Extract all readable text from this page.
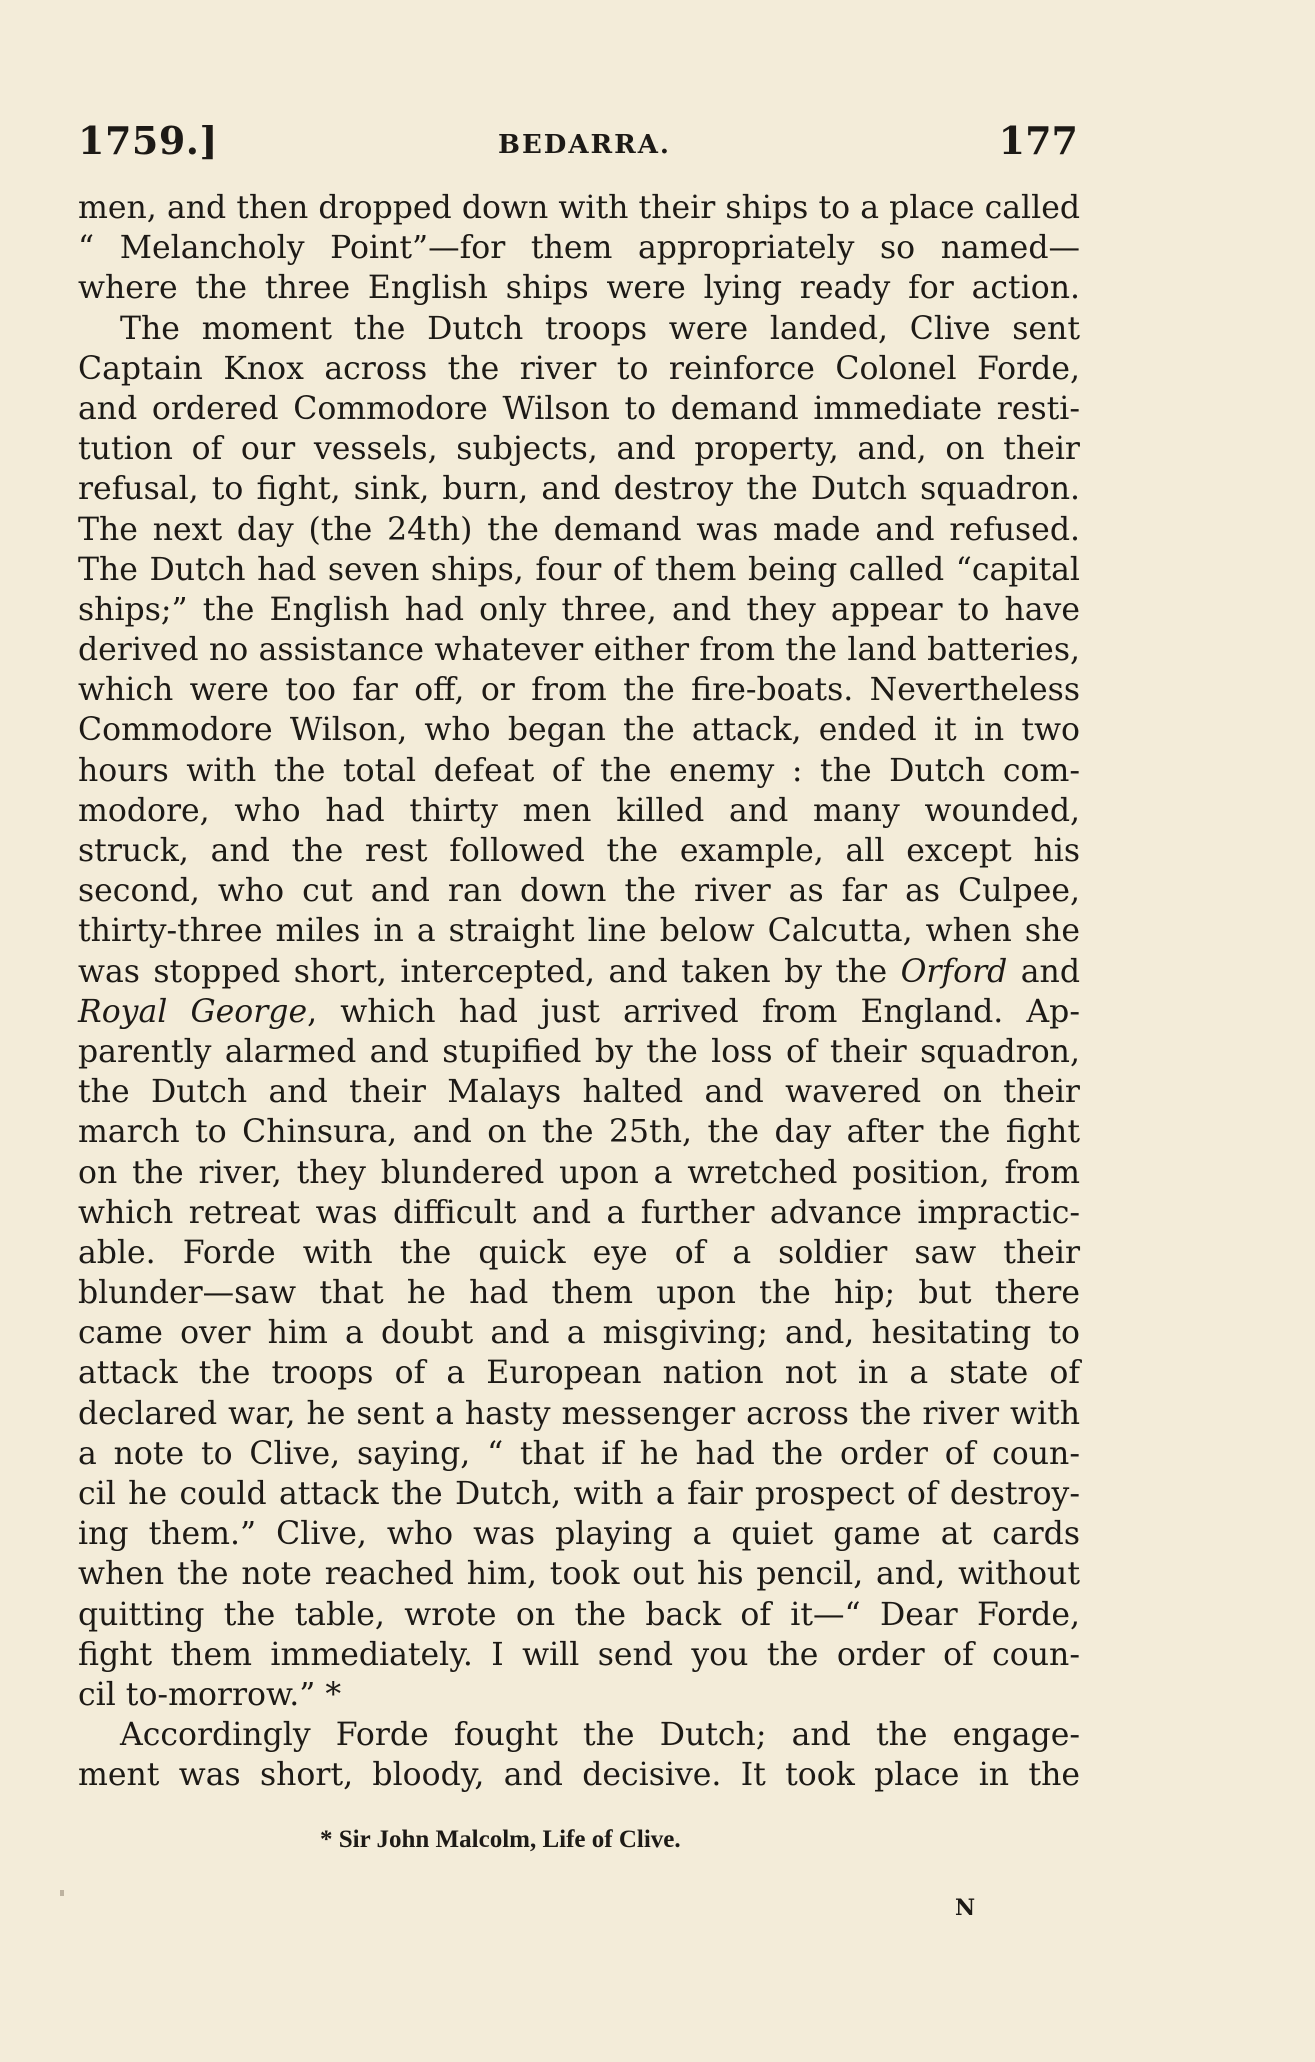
1759.]	BEDARRA.	177
men, and then dropped down with their ships to a place called
“ Melancholy Point”—for them appropriately so named—
where the three English ships were lying ready for action.
The moment the Dutch troops were landed, Clive sent
Captain Knox across the river to reinforce Colonel Forde,
and ordered Commodore Wilson to demand immediate resti-
tution of our vessels, subjects, and property, and, on their
refusal, to fight, sink, burn, and destroy the Dutch squadron.
The next day (the 24th) the demand was made and refused.
The Dutch had seven ships, four of them being called “capital
ships;” the English had only three, and they appear to have
derived no assistance whatever either from the land batteries,
which were too far off, or from the fire-boats. Nevertheless
Commodore Wilson, who began the attack, ended it in two
hours with the total defeat of the enemy : the Dutch com-
modore, who had thirty men killed and many wounded,
struck, and the rest followed the example, all except his
second, who cut and ran down the river as far as Culpee,
thirty-three miles in a straight line below Calcutta, when she
was stopped short, intercepted, and taken by the Orford and
Royal George, which had just arrived from England. Ap-
parently alarmed and stupified by the loss of their squadron,
the Dutch and their Malays halted and wavered on their
march to Chinsura, and on the 25th, the day after the fight
on the river, they blundered upon a wretched position, from
which retreat was difficult and a further advance impractic-
able. Forde with the quick eye of a soldier saw their
blunder—saw that he had them upon the hip; but there
came over him a doubt and a misgiving; and, hesitating to
attack the troops of a European nation not in a state of
declared war, he sent a hasty messenger across the river with
a note to Clive, saying, “ that if he had the order of coun-
cil he could attack the Dutch, with a fair prospect of destroy-
ing them.” Clive, who was playing a quiet game at cards
when the note reached him, took out his pencil, and, without
quitting the table, wrote on the back of it—“ Dear Forde,
fight them immediately. I will send you the order of coun-
cil to-morrow.” *
Accordingly Forde fought the Dutch; and the engage-
ment was short, bloody, and decisive. It took place in the
* Sir John Malcolm, Life of Clive.
N
